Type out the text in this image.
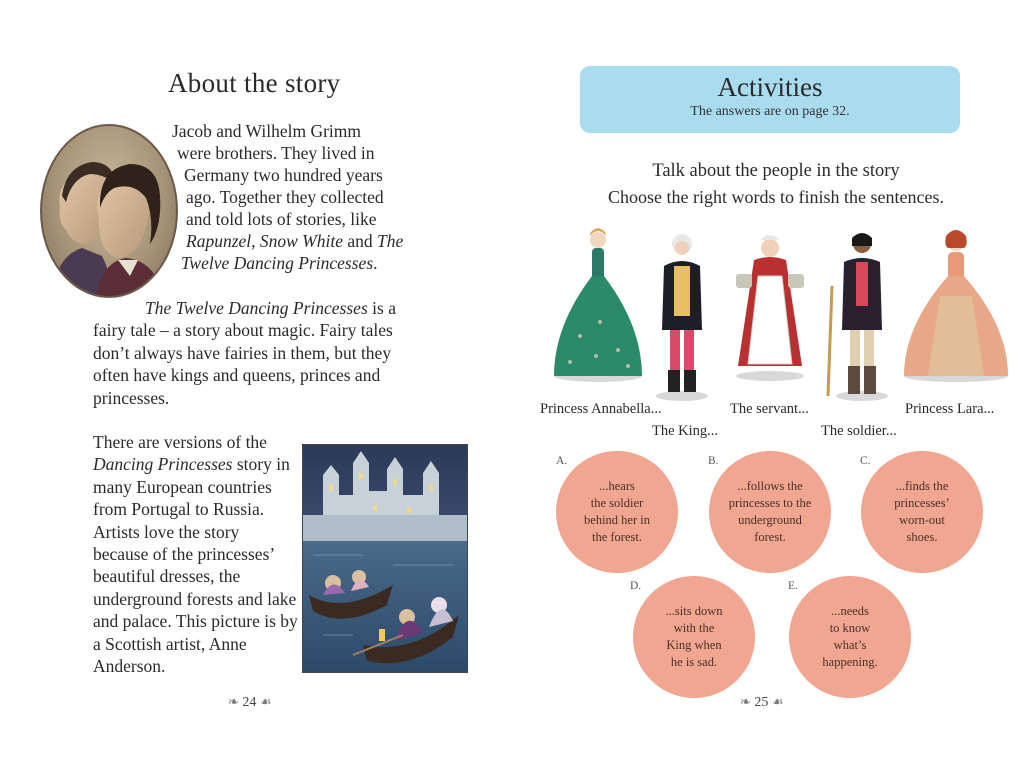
About the story
Jacob and Wilhelm Grimm
were brothers. They lived in
Germany two hundred years
ago. Together they collected
and told lots of stories, like
Rapunzel, Snow White and The
Twelve Dancing Princesses.
The Twelve Dancing Princesses is a fairy tale – a story about magic. Fairy tales don’t always have fairies in them, but they often have kings and queens, princes and princesses.
There are versions of the Dancing Princesses story in many European countries from Portugal to Russia. Artists love the story because of the princesses’ beautiful dresses, the underground forests and lake and palace. This picture is by a Scottish artist, Anne Anderson.
❧ 24 ☙
Activities
The answers are on page 32.
Talk about the people in the story
Choose the right words to finish the sentences.
Princess Annabella...
The King...
The servant...
The soldier...
Princess Lara...
A.
...hears
the soldier
behind her in
the forest.
B.
...follows the
princesses to the
underground
forest.
C.
...finds the
princesses’
worn-out
shoes.
D.
...sits down
with the
King when
he is sad.
E.
...needs
to know
what’s
happening.
❧ 25 ☙
